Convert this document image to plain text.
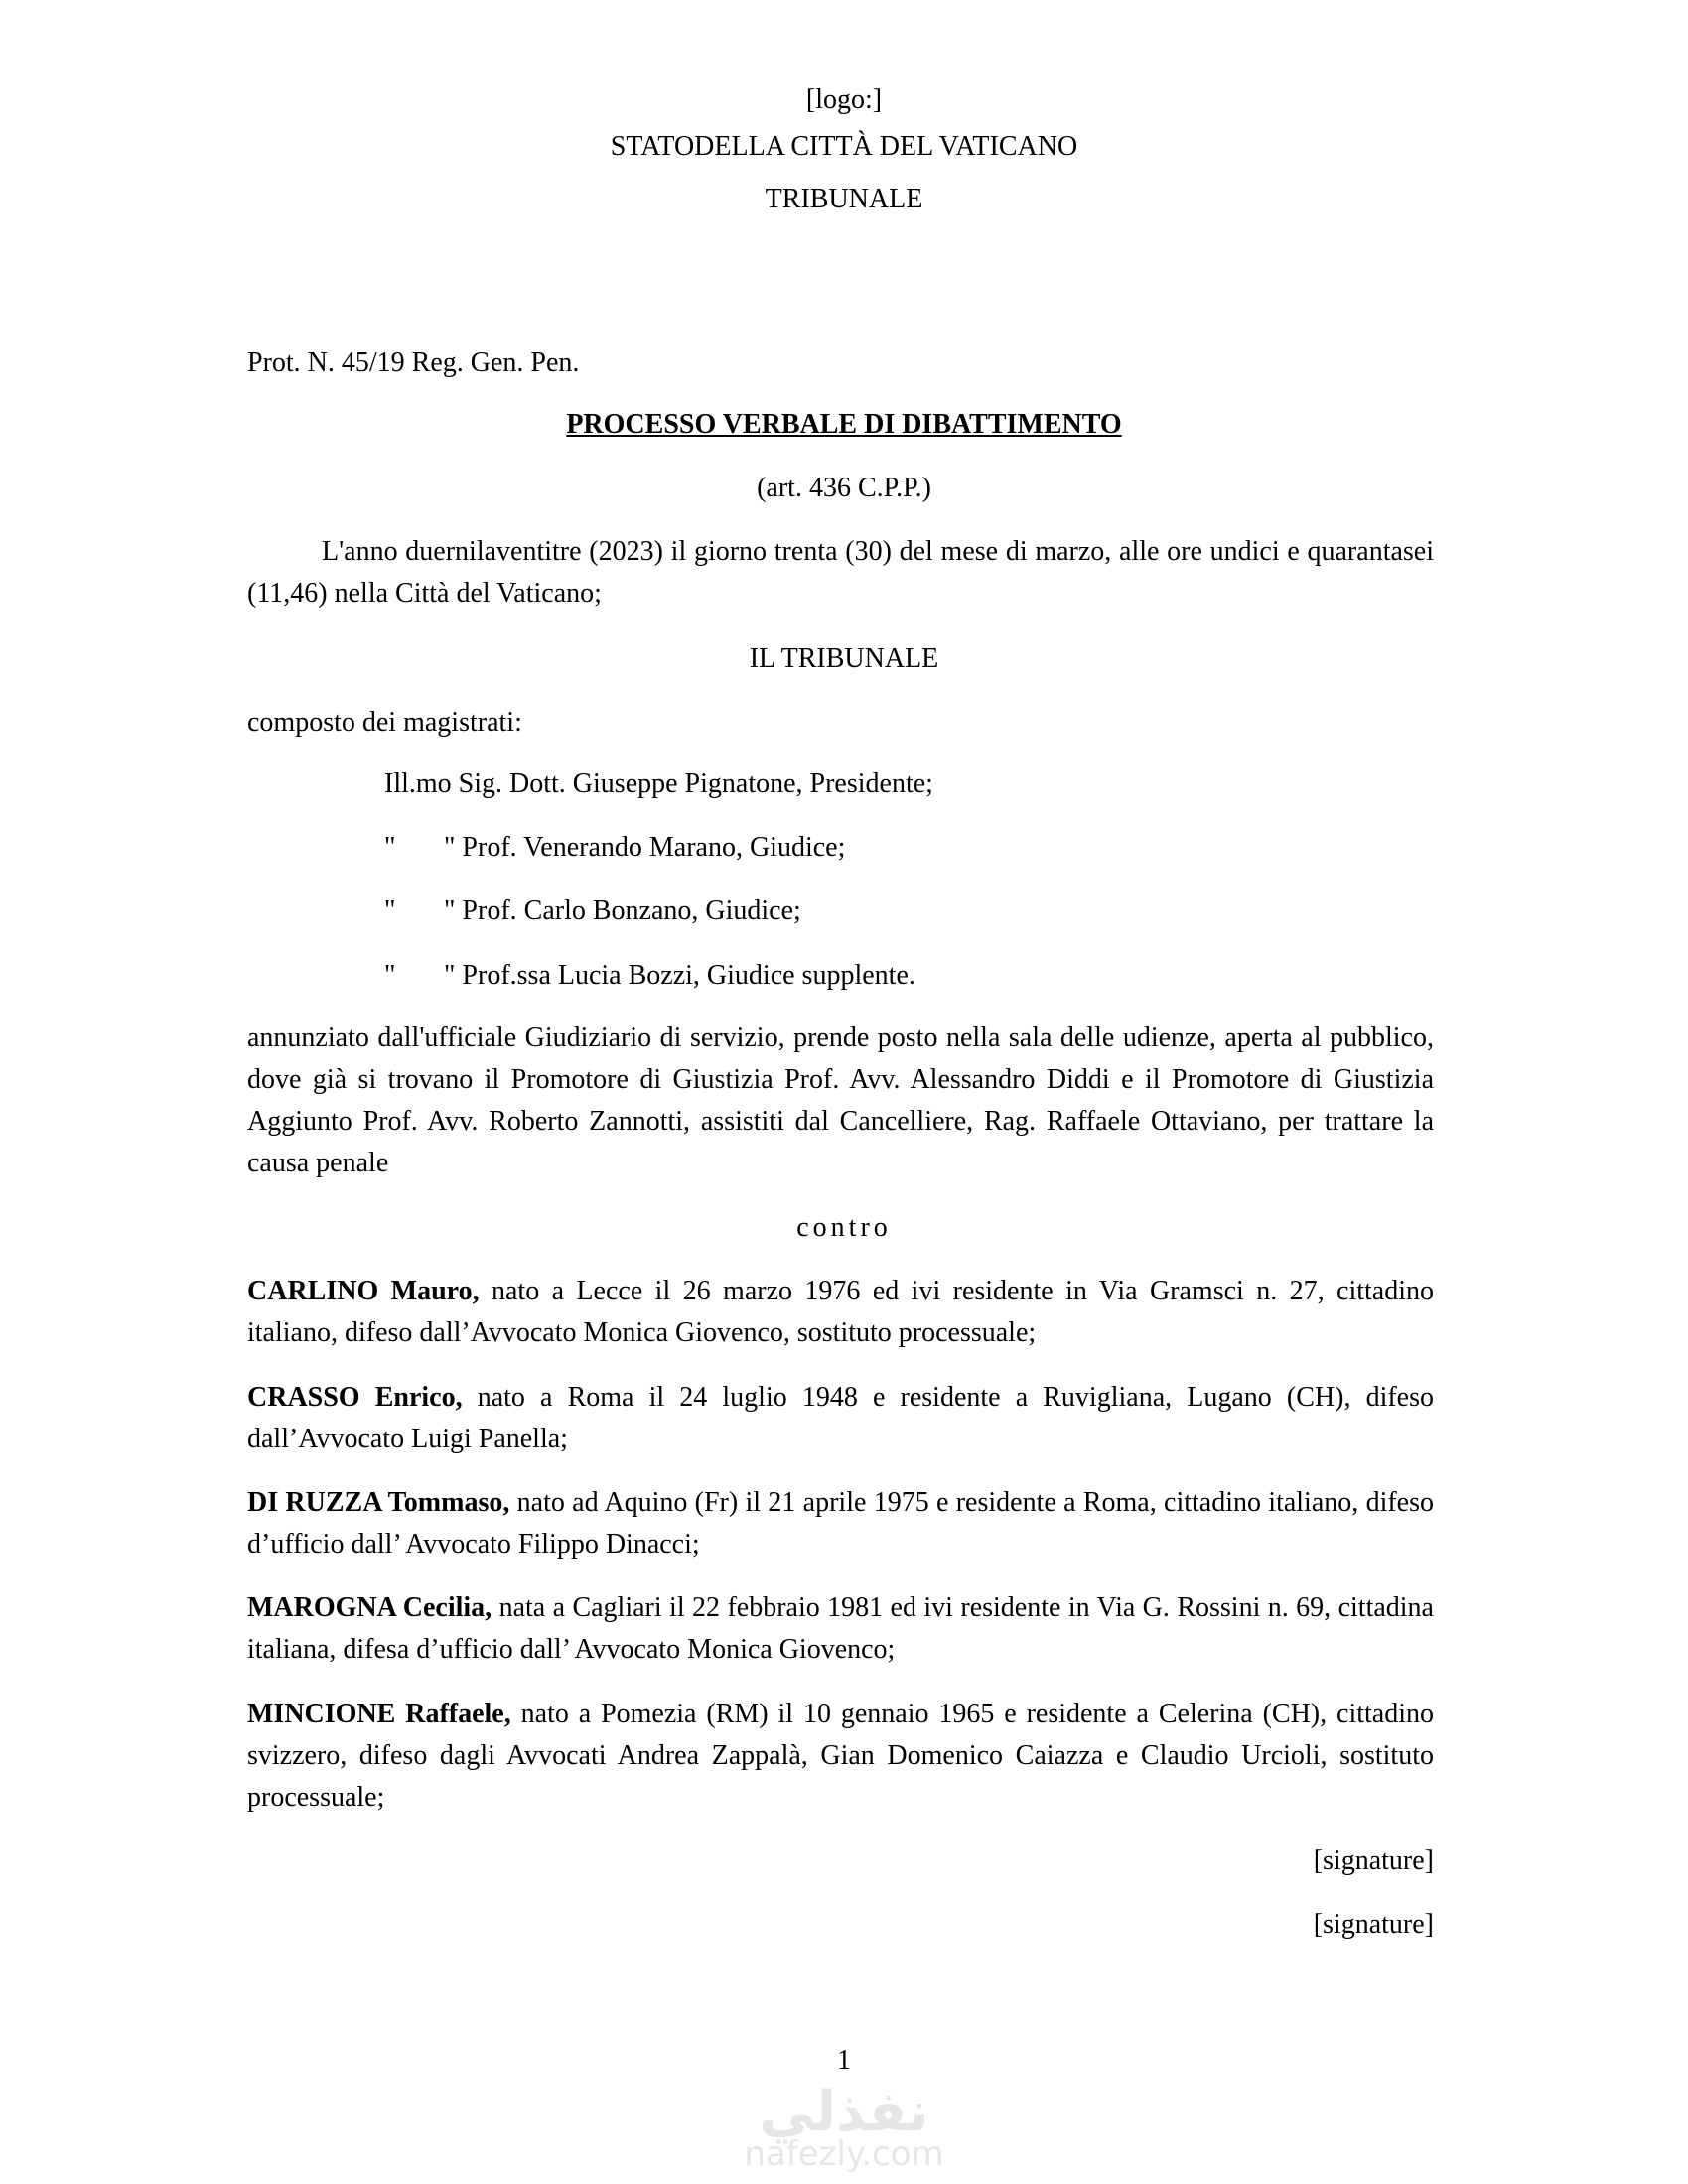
[logo:]
STATODELLA CITTÀ DEL VATICANO
TRIBUNALE
Prot. N. 45/19 Reg. Gen. Pen.
PROCESSO VERBALE DI DIBATTIMENTO
(art. 436 C.P.P.)
L'anno duernilaventitre (2023) il giorno trenta (30) del mese di marzo, alle ore undici e quarantasei (11,46) nella Città del Vaticano;
IL TRIBUNALE
composto dei magistrati:
Ill.mo Sig. Dott. Giuseppe Pignatone, Presidente;
" " Prof. Venerando Marano, Giudice;
" " Prof. Carlo Bonzano, Giudice;
" " Prof.ssa Lucia Bozzi, Giudice supplente.
annunziato dall'ufficiale Giudiziario di servizio, prende posto nella sala delle udienze, aperta al pubblico, dove già si trovano il Promotore di Giustizia Prof. Avv. Alessandro Diddi e il Promotore di Giustizia Aggiunto Prof. Avv. Roberto Zannotti, assistiti dal Cancelliere, Rag. Raffaele Ottaviano, per trattare la causa penale
contro
CARLINO Mauro, nato a Lecce il 26 marzo 1976 ed ivi residente in Via Gramsci n. 27, cittadino italiano, difeso dall’Avvocato Monica Giovenco, sostituto processuale;
CRASSO Enrico, nato a Roma il 24 luglio 1948 e residente a Ruvigliana, Lugano (CH), difeso dall’Avvocato Luigi Panella;
DI RUZZA Tommaso, nato ad Aquino (Fr) il 21 aprile 1975 e residente a Roma, cittadino italiano, difeso d’ufficio dall’ Avvocato Filippo Dinacci;
MAROGNA Cecilia, nata a Cagliari il 22 febbraio 1981 ed ivi residente in Via G. Rossini n. 69, cittadina italiana, difesa d’ufficio dall’ Avvocato Monica Giovenco;
MINCIONE Raffaele, nato a Pomezia (RM) il 10 gennaio 1965 e residente a Celerina (CH), cittadino svizzero, difeso dagli Avvocati Andrea Zappalà, Gian Domenico Caiazza e Claudio Urcioli, sostituto processuale;
[signature]
[signature]
نفذلي
nafezly.com
1
